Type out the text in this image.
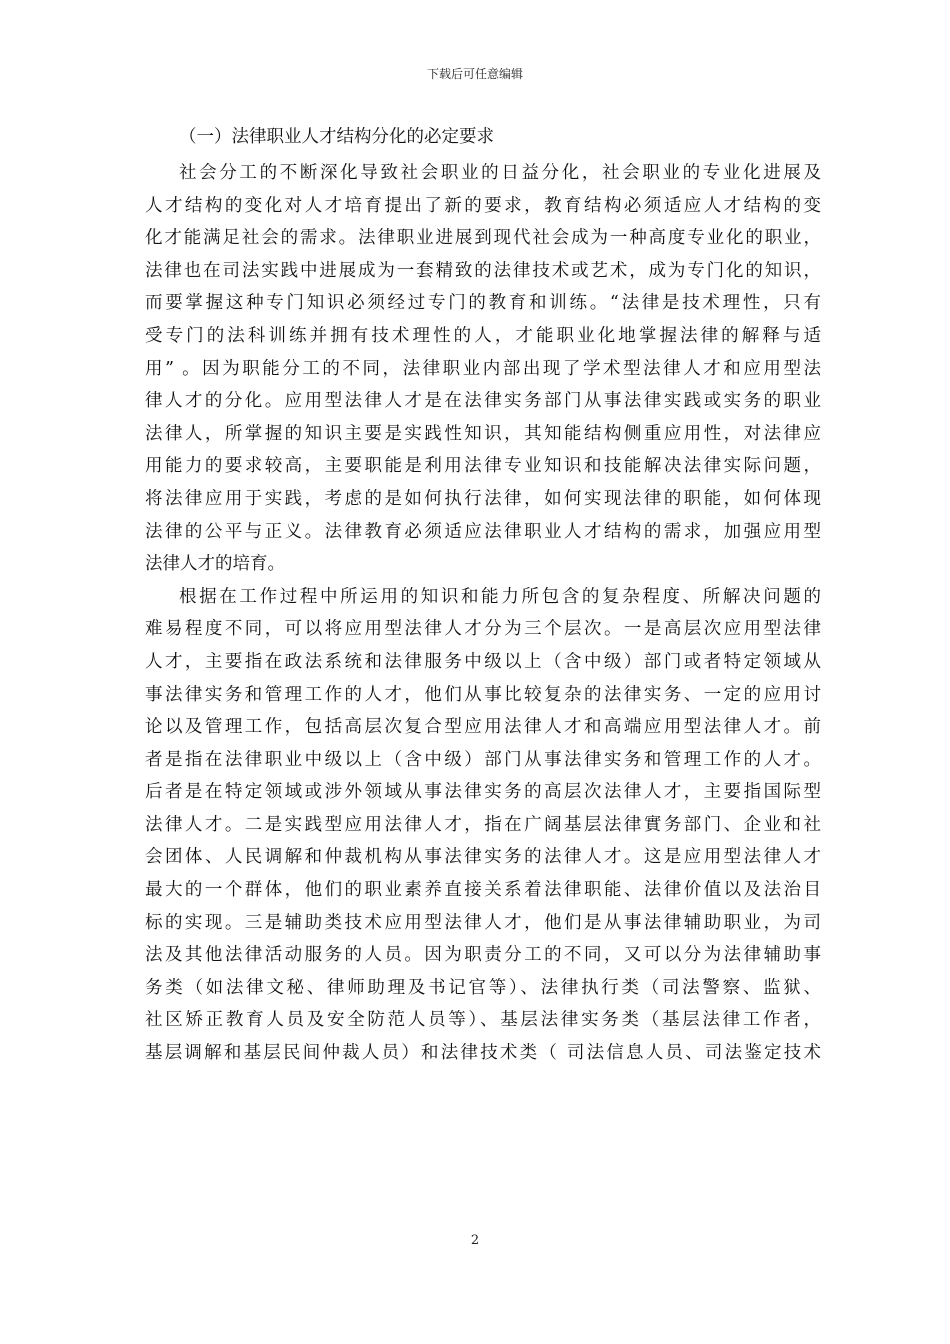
下载后可任意编辑
（一）法律职业人才结构分化的必定要求
社会分工的不断深化导致社会职业的日益分化，社会职业的专业化进展及
人才结构的变化对人才培育提出了新的要求，教育结构必须适应人才结构的变
化才能满足社会的需求。法律职业进展到现代社会成为一种高度专业化的职业，
法律也在司法实践中进展成为一套精致的法律技术或艺术，成为专门化的知识，
而要掌握这种专门知识必须经过专门的教育和训练。“法律是技术理性，只有
受专门的法科训练并拥有技术理性的人，才能职业化地掌握法律的解释与适
用” 。因为职能分工的不同，法律职业内部出现了学术型法律人才和应用型法
律人才的分化。应用型法律人才是在法律实务部门从事法律实践或实务的职业
法律人，所掌握的知识主要是实践性知识，其知能结构侧重应用性，对法律应
用能力的要求较高，主要职能是利用法律专业知识和技能解决法律实际问题，
将法律应用于实践，考虑的是如何执行法律，如何实现法律的职能，如何体现
法律的公平与正义。法律教育必须适应法律职业人才结构的需求，加强应用型
法律人才的培育。
根据在工作过程中所运用的知识和能力所包含的复杂程度、所解决问题的
难易程度不同，可以将应用型法律人才分为三个层次。一是高层次应用型法律
人才，主要指在政法系统和法律服务中级以上（含中级）部门或者特定领域从
事法律实务和管理工作的人才，他们从事比较复杂的法律实务、一定的应用讨
论以及管理工作，包括高层次复合型应用法律人才和高端应用型法律人才。前
者是指在法律职业中级以上（含中级）部门从事法律实务和管理工作的人才。
后者是在特定领域或涉外领域从事法律实务的高层次法律人才，主要指国际型
法律人才。二是实践型应用法律人才，指在广阔基层法律實务部门、企业和社
会团体、人民调解和仲裁机构从事法律实务的法律人才。这是应用型法律人才
最大的一个群体，他们的职业素养直接关系着法律职能、法律价值以及法治目
标的实现。三是辅助类技术应用型法律人才，他们是从事法律辅助职业，为司
法及其他法律活动服务的人员。因为职责分工的不同，又可以分为法律辅助事
务类（如法律文秘、律师助理及书记官等）、法律执行类（司法警察、监狱、
社区矫正教育人员及安全防范人员等）、基层法律实务类（基层法律工作者，
基层调解和基层民间仲裁人员）和法律技术类（ 司法信息人员、司法鉴定技术
2
